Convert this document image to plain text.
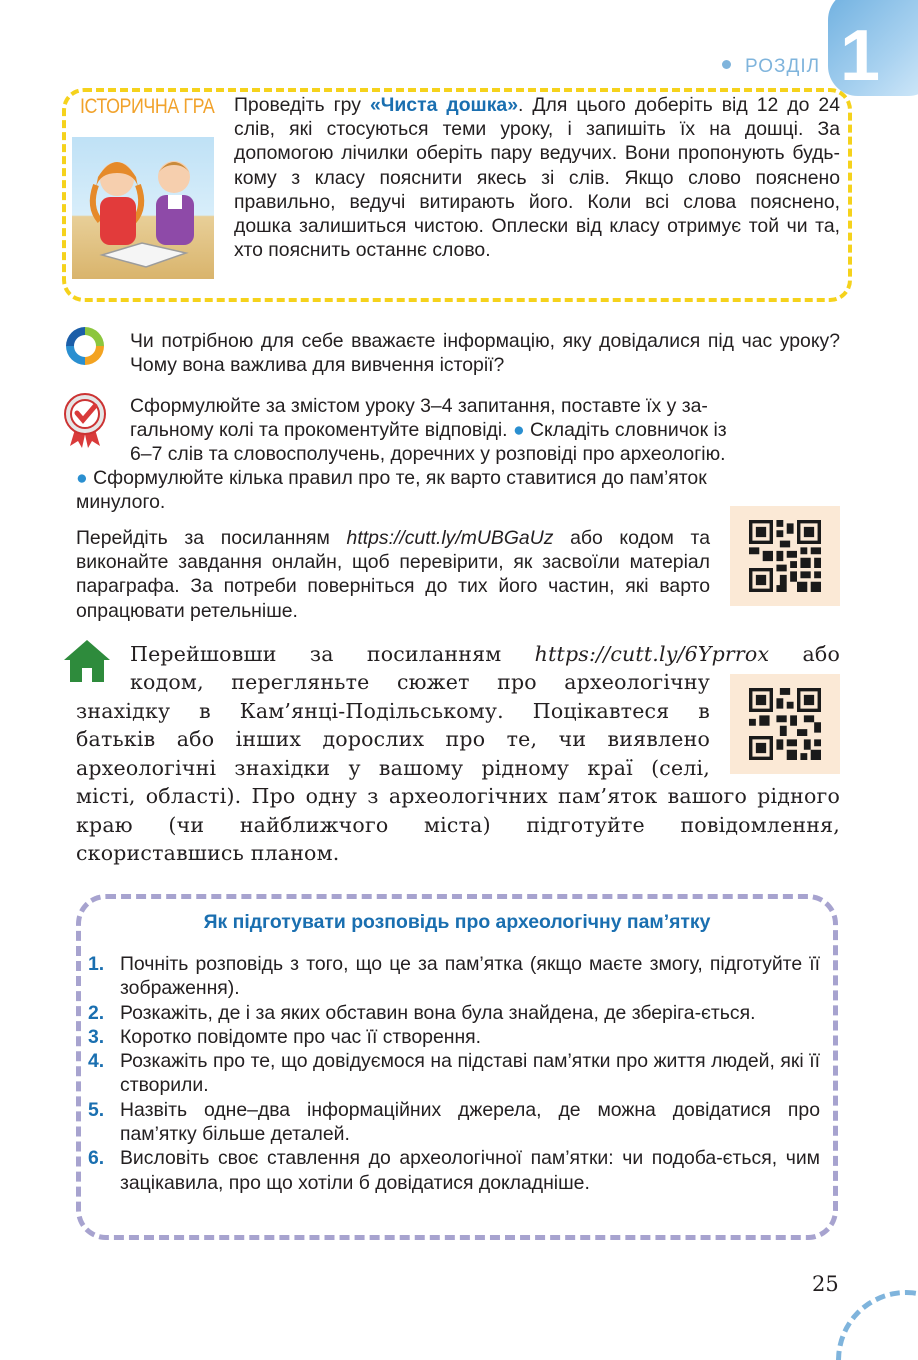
1
РОЗДІЛ
ІСТОРИЧНА ГРА Проведіть гру «Чиста дошка». Для цього доберіть від 12 до 24 слів, які стосуються теми уроку, і запишіть їх на дошці. За допомогою лічилки оберіть пару ведучих. Вони пропонують будь-кому з класу пояснити якесь зі слів. Якщо слово пояснено правильно, ведучі витирають його. Коли всі слова пояснено, дошка залишиться чистою. Оплески від класу отримує той чи та, хто пояснить останнє слово.
Чи потрібною для себе вважаєте інформацію, яку довідалися під час уроку? Чому вона важлива для вивчення історії?
Сформулюйте за змістом уроку 3–4 запитання, поставте їх у за-
гальному колі та прокоментуйте відповіді. ● Складіть словничок із
6–7 слів та словосполучень, доречних у розповіді про археологію.
● Сформулюйте кілька правил про те, як варто ставитися до пам’яток
минулого.
Перейдіть за посиланням https://cutt.ly/mUBGaUz або кодом та виконайте завдання онлайн, щоб перевірити, як засвоїли матеріал параграфа. За потреби поверніться до тих його частин, які варто опрацювати ретельніше.
Перейшовши за посиланням https://cutt.ly/6Yprrox або
кодом, перегляньте сюжет про археологічну
знахідку в Кам’янці-Подільському. Поцікавтеся в
батьків або інших дорослих про те, чи виявлено
археологічні знахідки у вашому рідному краї (селі,
місті, області). Про одну з археологічних пам’яток вашого рідного краю (чи найближчого міста) підготуйте повідомлення, скориставшись планом.
Як підготувати розповідь про археологічну пам’ятку
1. Почніть розповідь з того, що це за пам’ятка (якщо маєте змогу, підготуйте її зображення).
2. Розкажіть, де і за яких обставин вона була знайдена, де зберіга-ється.
3. Коротко повідомте про час її створення.
4. Розкажіть про те, що довідуємося на підставі пам’ятки про життя людей, які її створили.
5. Назвіть одне–два інформаційних джерела, де можна довідатися про пам’ятку більше деталей.
6. Висловіть своє ставлення до археологічної пам’ятки: чи подоба-ється, чим зацікавила, про що хотіли б довідатися докладніше.
25
